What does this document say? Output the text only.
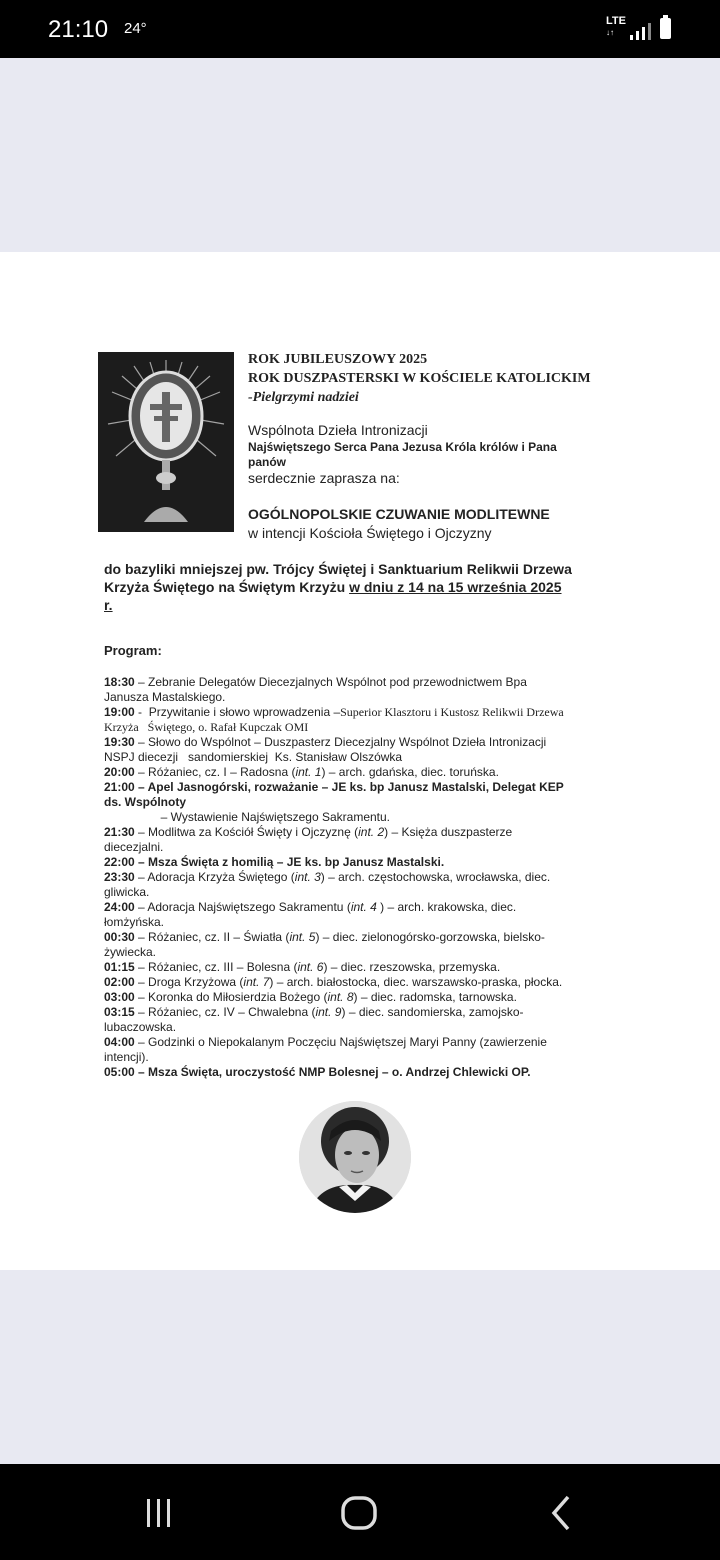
21:10 24°	LTE
↓↑
ROK JUBILEUSZOWY 2025
ROK DUSZPASTERSKI W KOŚCIELE KATOLICKIM
-Pielgrzymi nadziei
Wspólnota Dzieła Intronizacji
Najświętszego Serca Pana Jezusa Króla królów i Pana
panów
serdecznie zaprasza na:
OGÓLNOPOLSKIE CZUWANIE MODLITEWNE
w intencji Kościoła Świętego i Ojczyzny
do bazyliki mniejszej pw. Trójcy Świętej i Sanktuarium Relikwii Drzewa
Krzyża Świętego na Świętym Krzyżu w dniu z 14 na 15 września 2025
r.
Program:
18:30 – Zebranie Delegatów Diecezjalnych Wspólnot pod przewodnictwem Bpa
Janusza Mastalskiego.
19:00 -  Przywitanie i słowo wprowadzenia –Superior Klasztoru i Kustosz Relikwii Drzewa
Krzyża   Świętego, o. Rafał Kupczak OMI
19:30 – Słowo do Wspólnot – Duszpasterz Diecezjalny Wspólnot Dzieła Intronizacji
NSPJ diecezji   sandomierskiej  Ks. Stanisław Olszówka
20:00 – Różaniec, cz. I – Radosna (int. 1) – arch. gdańska, diec. toruńska.
21:00 – Apel Jasnogórski, rozważanie – JE ks. bp Janusz Mastalski, Delegat KEP
ds. Wspólnoty
– Wystawienie Najświętszego Sakramentu.
21:30 – Modlitwa za Kościół Święty i Ojczyznę (int. 2) – Księża duszpasterze
diecezjalni.
22:00 – Msza Święta z homilią – JE ks. bp Janusz Mastalski.
23:30 – Adoracja Krzyża Świętego (int. 3) – arch. częstochowska, wrocławska, diec.
gliwicka.
24:00 – Adoracja Najświętszego Sakramentu (int. 4 ) – arch. krakowska, diec.
łomżyńska.
00:30 – Różaniec, cz. II – Światła (int. 5) – diec. zielonogórsko-gorzowska, bielsko-
żywiecka.
01:15 – Różaniec, cz. III – Bolesna (int. 6) – diec. rzeszowska, przemyska.
02:00 – Droga Krzyżowa (int. 7) – arch. białostocka, diec. warszawsko-praska, płocka.
03:00 – Koronka do Miłosierdzia Bożego (int. 8) – diec. radomska, tarnowska.
03:15 – Różaniec, cz. IV – Chwalebna (int. 9) – diec. sandomierska, zamojsko-
lubaczowska.
04:00 – Godzinki o Niepokalanym Poczęciu Najświętszej Maryi Panny (zawierzenie
intencji).
05:00 – Msza Święta, uroczystość NMP Bolesnej – o. Andrzej Chlewicki OP.
